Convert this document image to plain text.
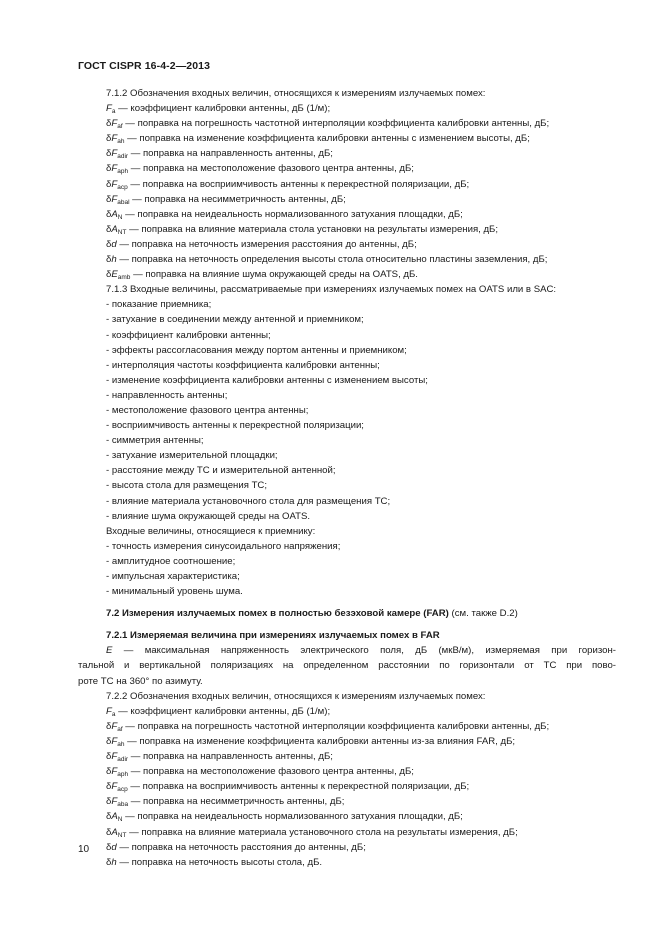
ГОСТ CISPR 16-4-2—2013
7.1.2 Обозначения входных величин, относящихся к измерениям излучаемых помех:
$F_a$ — коэффициент калибровки антенны, дБ (1/м);
$\delta F_{af}$ — поправка на погрешность частотной интерполяции коэффициента калибровки антенны, дБ;
$\delta F_{ah}$ — поправка на изменение коэффициента калибровки антенны с изменением высоты, дБ;
$\delta F_{adir}$ — поправка на направленность антенны, дБ;
$\delta F_{aph}$ — поправка на местоположение фазового центра антенны, дБ;
$\delta F_{acp}$ — поправка на восприимчивость антенны к перекрестной поляризации, дБ;
$\delta F_{abal}$ — поправка на несимметричность антенны, дБ;
$\delta A_N$ — поправка на неидеальность нормализованного затухания площадки, дБ;
$\delta A_{NT}$ — поправка на влияние материала стола установки на результаты измерения, дБ;
δd — поправка на неточность измерения расстояния до антенны, дБ;
δh — поправка на неточность определения высоты стола относительно пластины заземления, дБ;
$\delta E_{amb}$ — поправка на влияние шума окружающей среды на OATS, дБ.
7.1.3 Входные величины, рассматриваемые при измерениях излучаемых помех на OATS или в SAC:
- показание приемника;
- затухание в соединении между антенной и приемником;
- коэффициент калибровки антенны;
- эффекты рассогласования между портом антенны и приемником;
- интерполяция частоты коэффициента калибровки антенны;
- изменение коэффициента калибровки антенны с изменением высоты;
- направленность антенны;
- местоположение фазового центра антенны;
- восприимчивость антенны к перекрестной поляризации;
- симметрия антенны;
- затухание измерительной площадки;
- расстояние между ТС и измерительной антенной;
- высота стола для размещения ТС;
- влияние материала установочного стола для размещения ТС;
- влияние шума окружающей среды на OATS.
Входные величины, относящиеся к приемнику:
- точность измерения синусоидального напряжения;
- амплитудное соотношение;
- импульсная характеристика;
- минимальный уровень шума.
7.2 Измерения излучаемых помех в полностью безэховой камере (FAR) (см. также D.2)
7.2.1 Измеряемая величина при измерениях излучаемых помех в FAR
E — максимальная напряженность электрического поля, дБ (мкВ/м), измеряемая при горизон-
тальной и вертикальной поляризациях на определенном расстоянии по горизонтали от ТС при пово-
роте ТС на 360° по азимуту.
7.2.2 Обозначения входных величин, относящихся к измерениям излучаемых помех:
$F_a$ — коэффициент калибровки антенны, дБ (1/м);
$\delta F_{af}$ — поправка на погрешность частотной интерполяции коэффициента калибровки антенны, дБ;
$\delta F_{ah}$ — поправка на изменение коэффициента калибровки антенны из-за влияния FAR, дБ;
$\delta F_{adir}$ — поправка на направленность антенны, дБ;
$\delta F_{aph}$ — поправка на местоположение фазового центра антенны, дБ;
$\delta F_{acp}$ — поправка на восприимчивость антенны к перекрестной поляризации, дБ;
$\delta F_{aba}$ — поправка на несимметричность антенны, дБ;
$\delta A_N$ — поправка на неидеальность нормализованного затухания площадки, дБ;
$\delta A_{NT}$ — поправка на влияние материала установочного стола на результаты измерения, дБ;
δd — поправка на неточность расстояния до антенны, дБ;
δh — поправка на неточность высоты стола, дБ.
10
